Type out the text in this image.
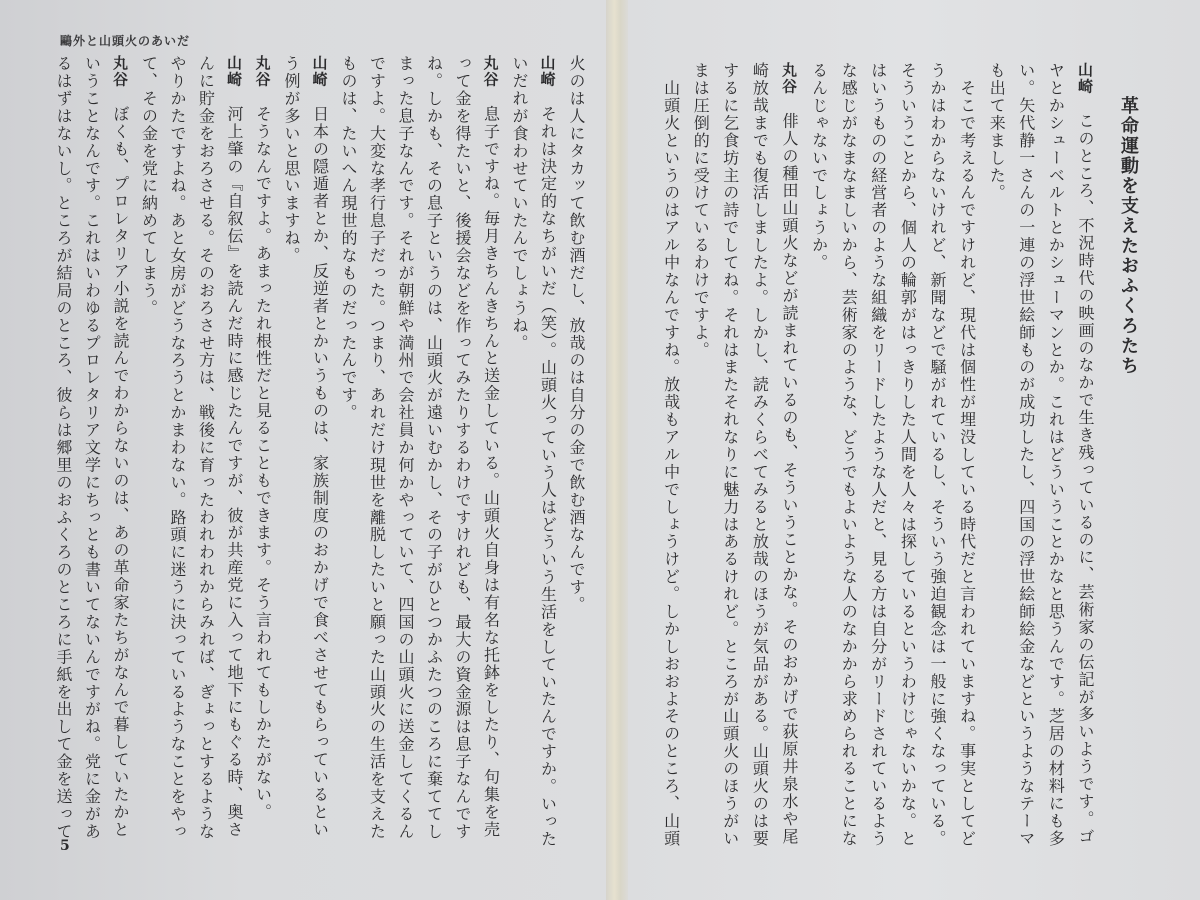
鷗外と山頭火のあいだ
火のは人にタカッて飲む酒だし、放哉のは自分の金で飲む酒なんです。
山崎　それは決定的なちがいだ（笑）。山頭火っていう人はどういう生活をしていたんですか。いった
いだれが食わせていたんでしょうね。
丸谷　息子ですね。毎月きちんきちんと送金している。山頭火自身は有名な托鉢をしたり、句集を売
って金を得たいと、後援会などを作ってみたりするわけですけれども、最大の資金源は息子なんです
ね。しかも、その息子というのは、山頭火が遠いむかし、その子がひとつかふたつのころに棄ててし
まった息子なんです。それが朝鮮や満州で会社員か何かやっていて、四国の山頭火に送金してくるん
ですよ。大変な孝行息子だった。つまり、あれだけ現世を離脱したいと願った山頭火の生活を支えた
ものは、たいへん現世的なものだったんです。
山崎　日本の隠遁者とか、反逆者とかいうものは、家族制度のおかげで食べさせてもらっているとい
う例が多いと思いますね。
丸谷　そうなんですよ。あまったれ根性だと見ることもできます。そう言われてもしかたがない。
山崎　河上肇の『自叙伝』を読んだ時に感じたんですが、彼が共産党に入って地下にもぐる時、奥さ
んに貯金をおろさせる。そのおろさせ方は、戦後に育ったわれわれからみれば、ぎょっとするような
やりかたですよね。あと女房がどうなろうとかまわない。路頭に迷うに決っているようなことをやっ
て、その金を党に納めてしまう。
丸谷　ぼくも、プロレタリア小説を読んでわからないのは、あの革命家たちがなんで暮していたかと
いうことなんです。これはいわゆるプロレタリア文学にちっとも書いてないんですがね。党に金があ
るはずはないし。ところが結局のところ、彼らは郷里のおふくろのところに手紙を出して金を送って
5
革命運動を支えたおふくろたち
山崎　このところ、不況時代の映画のなかで生き残っているのに、芸術家の伝記が多いようです。ゴ
ヤとかシューベルトとかシューマンとか。これはどういうことかなと思うんです。芝居の材料にも多
い。矢代静一さんの一連の浮世絵師ものが成功したし、四国の浮世絵師絵金などというようなテーマ
も出て来ました。
　そこで考えるんですけれど、現代は個性が埋没している時代だと言われていますね。事実としてど
うかはわからないけれど、新聞などで騒がれているし、そういう強迫観念は一般に強くなっている。
そういうことから、個人の輪郭がはっきりした人間を人々は探しているというわけじゃないかな。と
はいうものの経営者のような組織をリードしたような人だと、見る方は自分がリードされているよう
な感じがなまなましいから、芸術家のような、どうでもよいような人のなかから求められることにな
るんじゃないでしょうか。
丸谷　俳人の種田山頭火などが読まれているのも、そういうことかな。そのおかげで荻原井泉水や尾
崎放哉までも復活しましたよ。しかし、読みくらべてみると放哉のほうが気品がある。山頭火のは要
するに乞食坊主の詩でしてね。それはまたそれなりに魅力はあるけれど。ところが山頭火のほうがい
まは圧倒的に受けているわけですよ。
　山頭火というのはアル中なんですね。放哉もアル中でしょうけど。しかしおおよそのところ、山頭
